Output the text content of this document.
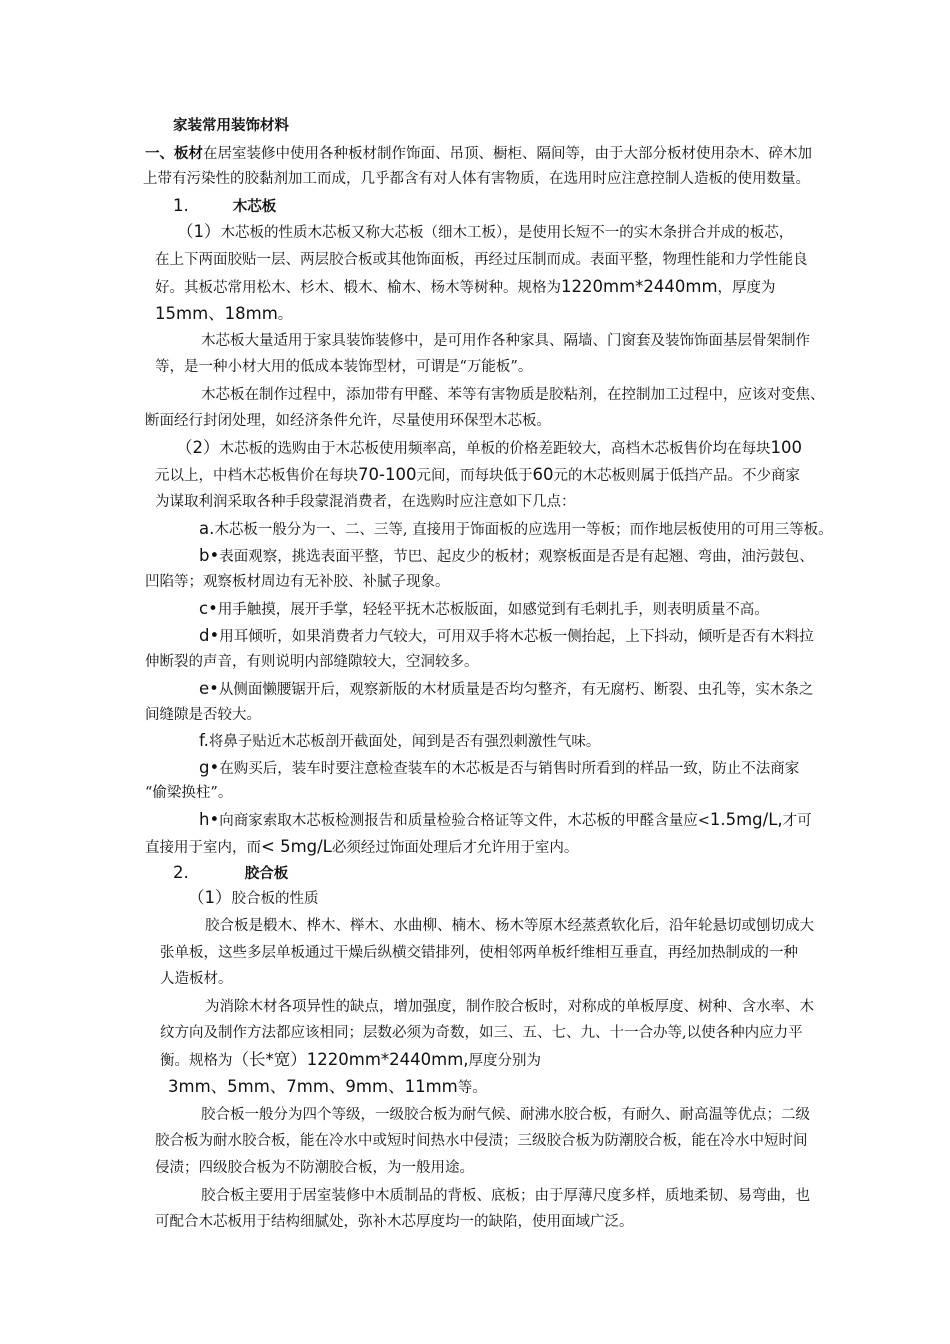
家装常用装饰材料
一、板材在居室装修中使用各种板材制作饰面、吊顶、橱柜、隔间等，由于大部分板材使用杂木、碎木加
上带有污染性的胶黏剂加工而成，几乎都含有对人体有害物质，在选用时应注意控制人造板的使用数量。
1.	木芯板
（1）木芯板的性质木芯板又称大芯板（细木工板），是使用长短不一的实木条拼合并成的板芯，
在上下两面胶贴一层、两层胶合板或其他饰面板，再经过压制而成。表面平整，物理性能和力学性能良
好。其板芯常用松木、杉木、椴木、榆木、杨木等树种。规格为1220mm*2440mm，厚度为
15mm、18mm。
木芯板大量适用于家具装饰装修中，是可用作各种家具、隔墙、门窗套及装饰饰面基层骨架制作
等，是一种小材大用的低成本装饰型材，可谓是“万能板”。
木芯板在制作过程中，添加带有甲醛、苯等有害物质是胶粘剂，在控制加工过程中，应该对变焦、
断面经行封闭处理，如经济条件允许，尽量使用环保型木芯板。
（2）木芯板的选购由于木芯板使用频率高，单板的价格差距较大，高档木芯板售价均在每块100
元以上，中档木芯板售价在每块70-100元间，而每块低于60元的木芯板则属于低挡产品。不少商家
为谋取利润采取各种手段蒙混消费者，在选购时应注意如下几点：
a.木芯板一般分为一、二、三等, 直接用于饰面板的应选用一等板；而作地层板使用的可用三等板。
b•表面观察，挑选表面平整，节巴、起皮少的板材；观察板面是否是有起翘、弯曲，油污鼓包、
凹陷等；观察板材周边有无补胶、补腻子现象。
c•用手触摸，展开手掌，轻轻平抚木芯板版面，如感觉到有毛刺扎手，则表明质量不高。
d•用耳倾听，如果消费者力气较大，可用双手将木芯板一侧抬起，上下抖动，倾听是否有木料拉
伸断裂的声音，有则说明内部缝隙较大，空洞较多。
e•从侧面懒腰锯开后，观察新版的木材质量是否均匀整齐，有无腐朽、断裂、虫孔等，实木条之
间缝隙是否较大。
f.将鼻子贴近木芯板剖开截面处，闻到是否有强烈刺激性气味。
g•在购买后，装车时要注意检查装车的木芯板是否与销售时所看到的样品一致，防止不法商家
“偷梁换柱”。
h•向商家索取木芯板检测报告和质量检验合格证等文件，木芯板的甲醛含量应<1.5mg/L,才可
直接用于室内，而< 5mg/L必须经过饰面处理后才允许用于室内。
2.	胶合板
（1）胶合板的性质
胶合板是椴木、桦木、榉木、水曲柳、楠木、杨木等原木经蒸煮软化后，沿年轮悬切或刨切成大
张单板，这些多层单板通过干燥后纵横交错排列，使相邻两单板纤维相互垂直，再经加热制成的一种
人造板材。
为消除木材各项异性的缺点，增加强度，制作胶合板时，对称成的单板厚度、树种、含水率、木
纹方向及制作方法都应该相同；层数必须为奇数，如三、五、七、九、十一合办等,以使各种内应力平
衡。规格为（长*宽）1220mm*2440mm,厚度分别为
3mm、5mm、7mm、9mm、11mm等。
胶合板一般分为四个等级，一级胶合板为耐气候、耐沸水胶合板，有耐久、耐高温等优点；二级
胶合板为耐水胶合板，能在冷水中或短时间热水中侵渍；三级胶合板为防潮胶合板，能在冷水中短时间
侵渍；四级胶合板为不防潮胶合板，为一般用途。
胶合板主要用于居室装修中木质制品的背板、底板；由于厚薄尺度多样，质地柔韧、易弯曲，也
可配合木芯板用于结构细腻处，弥补木芯厚度均一的缺陷，使用面域广泛。
